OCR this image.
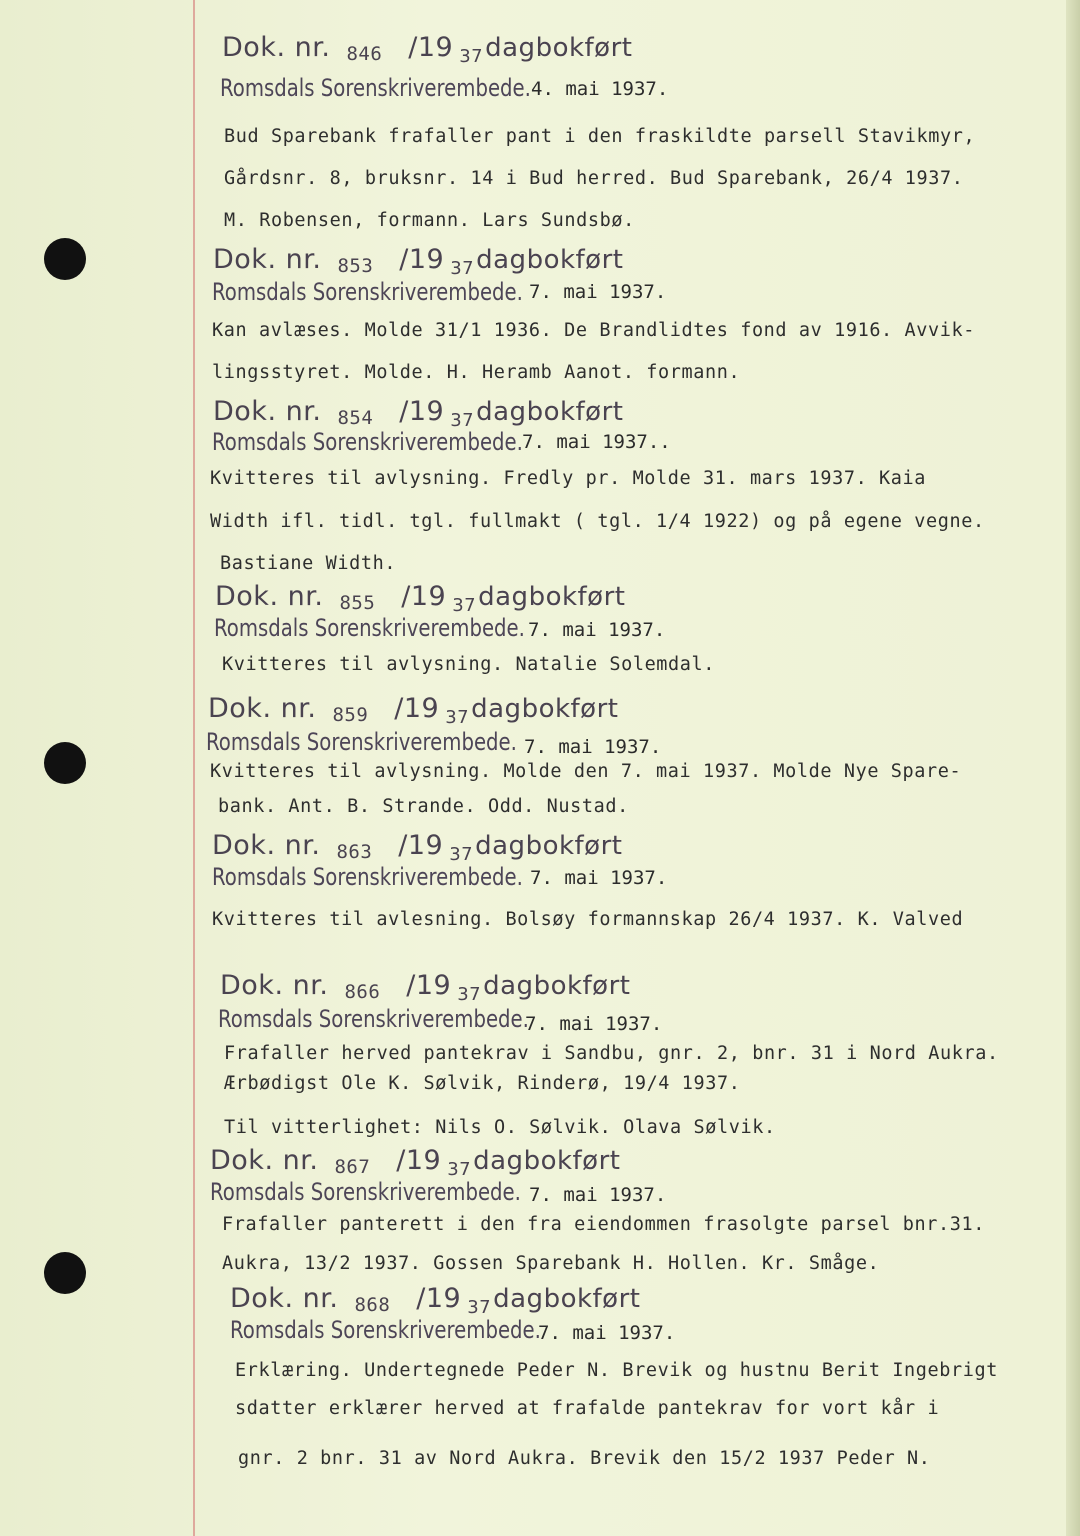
Dok. nr. 846 /19 $_{37}$dagbokført
Romsdals Sorenskriverembede. 4. mai 1937.
Bud Sparebank frafaller pant i den fraskildte parsell Stavikmyr,
Gårdsnr. 8, bruksnr. 14 i Bud herred. Bud Sparebank, 26/4 1937.
M. Robensen, formann. Lars Sundsbø.
Dok. nr. 853 /19 $_{37}$dagbokført
Romsdals Sorenskriverembede. 7. mai 1937.
Kan avlæses. Molde 31/1 1936. De Brandlidtes fond av 1916. Avvik-
lingsstyret. Molde. H. Heramb Aanot. formann.
Dok. nr. 854 /19 $_{37}$dagbokført
Romsdals Sorenskriverembede. 7. mai 1937..
Kvitteres til avlysning. Fredly pr. Molde 31. mars 1937. Kaia
Width ifl. tidl. tgl. fullmakt ( tgl. 1/4 1922) og på egene vegne.
Bastiane Width.
Dok. nr. 855 /19 $_{37}$dagbokført
Romsdals Sorenskriverembede. 7. mai 1937.
Kvitteres til avlysning. Natalie Solemdal.
Dok. nr. 859 /19 $_{37}$dagbokført
Romsdals Sorenskriverembede. 7. mai 1937.
Kvitteres til avlysning. Molde den 7. mai 1937. Molde Nye Spare-
bank. Ant. B. Strande. Odd. Nustad.
Dok. nr. 863 /19 $_{37}$dagbokført
Romsdals Sorenskriverembede. 7. mai 1937.
Kvitteres til avlesning. Bolsøy formannskap 26/4 1937. K. Valved
Dok. nr. 866 /19 $_{37}$dagbokført
Romsdals Sorenskriverembede.
7. mai 1937.
Frafaller herved pantekrav i Sandbu, gnr. 2, bnr. 31 i Nord Aukra.
Ærbødigst Ole K. Sølvik, Rinderø, 19/4 1937.
Til vitterlighet: Nils O. Sølvik. Olava Sølvik.
Dok. nr. 867 /19 $_{37}$dagbokført
Romsdals Sorenskriverembede. 7. mai 1937.
Frafaller panterett i den fra eiendommen frasolgte parsel bnr.31.
Aukra, 13/2 1937. Gossen Sparebank H. Hollen. Kr. Småge.
Dok. nr. 868 /19 $_{37}$dagbokført
Romsdals Sorenskriverembede.
7. mai 1937.
Erklæring. Undertegnede Peder N. Brevik og hustnu Berit Ingebrigt
sdatter erklærer herved at frafalde pantekrav for vort kår i
gnr. 2 bnr. 31 av Nord Aukra. Brevik den 15/2 1937 Peder N.
